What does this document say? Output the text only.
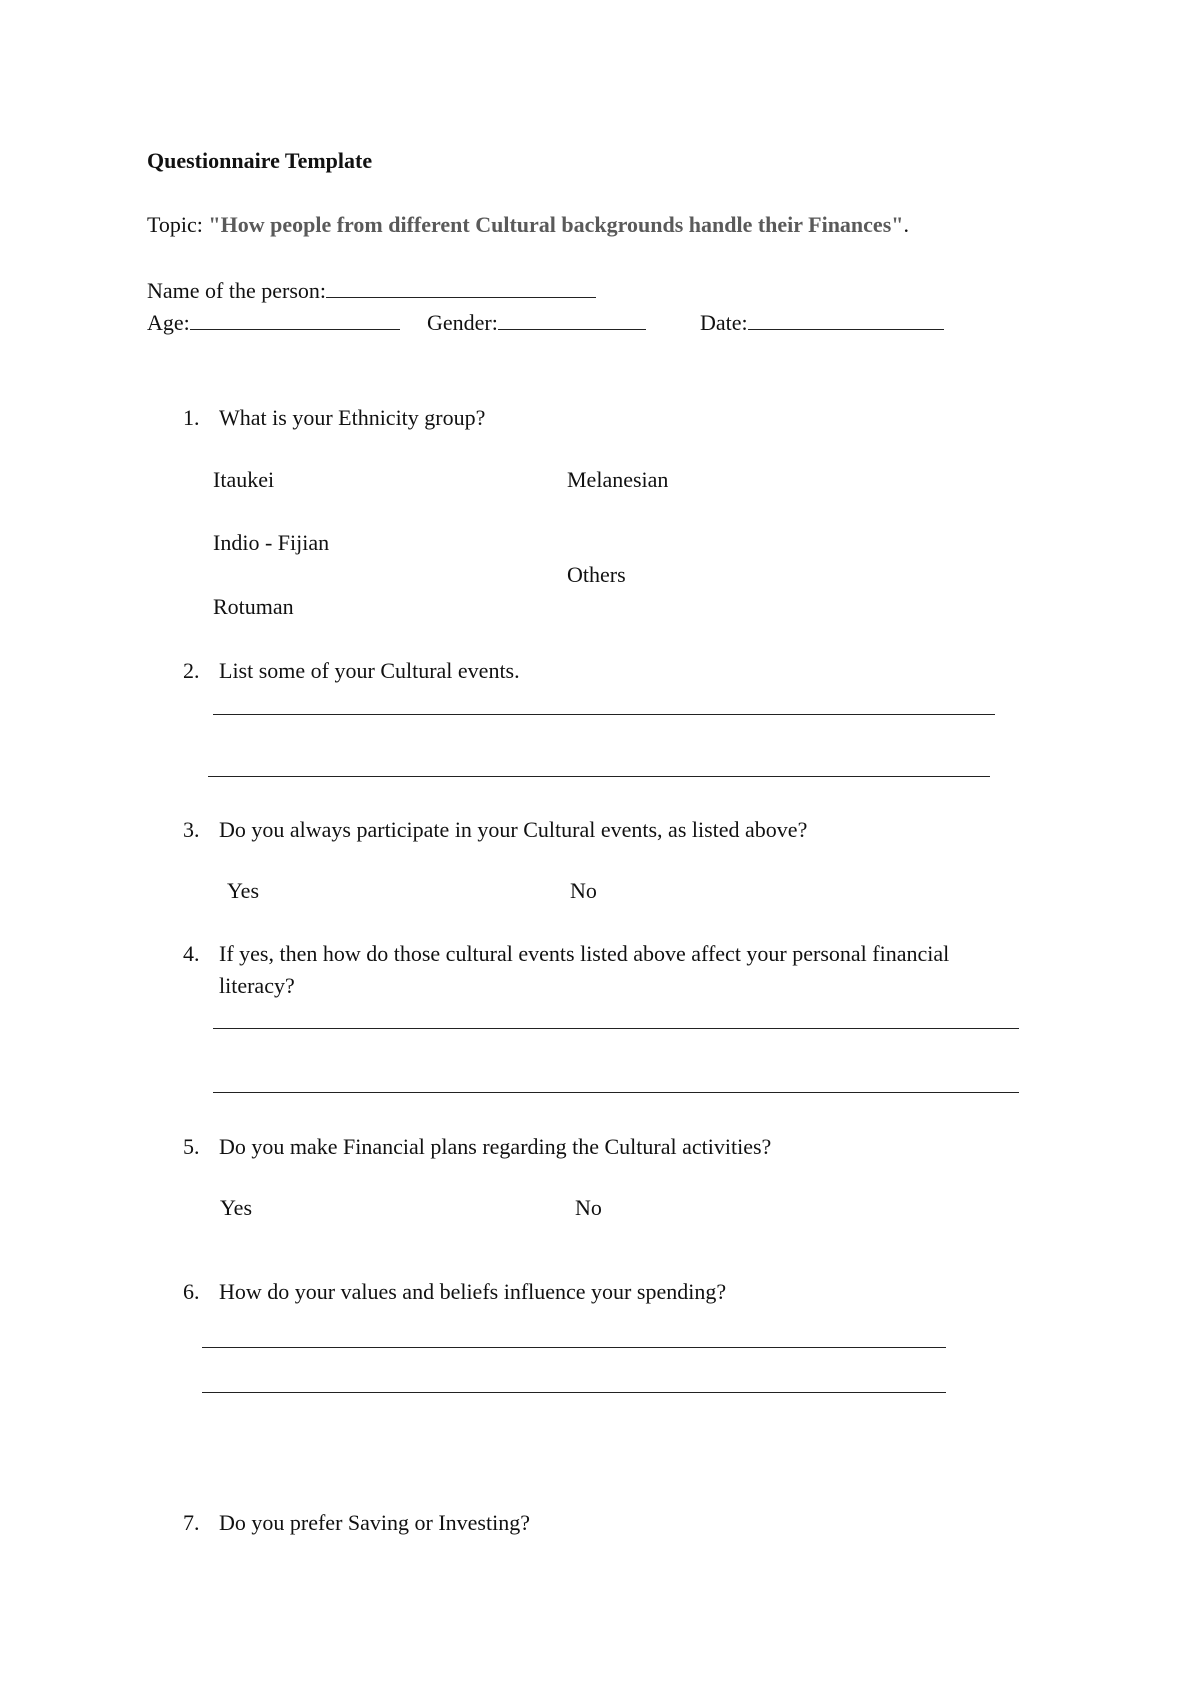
Questionnaire Template
Topic: "How people from different Cultural backgrounds handle their Finances".
Name of the person:
Age:	Gender:	Date:
1. What is your Ethnicity group?
Itaukei	Melanesian
Indio - Fijian
Others
Rotuman
2. List some of your Cultural events.
3. Do you always participate in your Cultural events, as listed above?
Yes	No
4. If yes, then how do those cultural events listed above affect your personal financial
literacy?
5. Do you make Financial plans regarding the Cultural activities?
Yes	No
6. How do your values and beliefs influence your spending?
7. Do you prefer Saving or Investing?
